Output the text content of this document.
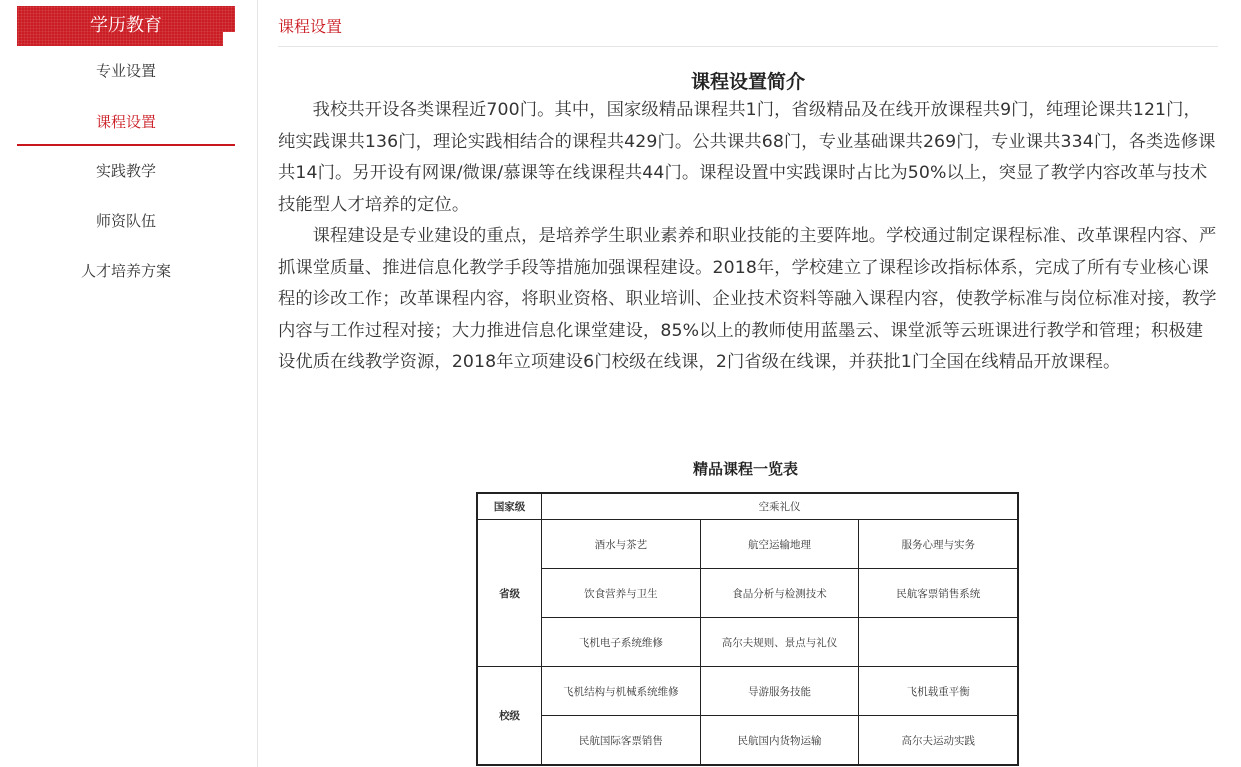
学历教育
专业设置
课程设置
实践教学
师资队伍
人才培养方案
课程设置
课程设置简介

我校共开设各类课程近700门。其中，国家级精品课程共1门，省级精品及在线开放课程共9门，纯理论课共121门，纯实践课共136门，理论实践相结合的课程共429门。公共课共68门，专业基础课共269门，专业课共334门，各类选修课共14门。另开设有网课/微课/慕课等在线课程共44门。课程设置中实践课时占比为50%以上，突显了教学内容改革与技术技能型人才培养的定位。

课程建设是专业建设的重点，是培养学生职业素养和职业技能的主要阵地。学校通过制定课程标准、改革课程内容、严抓课堂质量、推进信息化教学手段等措施加强课程建设。2018年，学校建立了课程诊改指标体系，完成了所有专业核心课程的诊改工作；改革课程内容，将职业资格、职业培训、企业技术资料等融入课程内容，使教学标准与岗位标准对接，教学内容与工作过程对接；大力推进信息化课堂建设，85%以上的教师使用蓝墨云、课堂派等云班课进行教学和管理；积极建设优质在线教学资源，2018年立项建设6门校级在线课，2门省级在线课，并获批1门全国在线精品开放课程。

精品课程一览表
国家级	空乘礼仪		
省级	酒水与茶艺	航空运输地理	服务心理与实务
	饮食营养与卫生	食品分析与检测技术	民航客票销售系统
	飞机电子系统维修	高尔夫规则、景点与礼仪	
校级	飞机结构与机械系统维修	导游服务技能	飞机载重平衡
	民航国际客票销售	民航国内货物运输	高尔夫运动实践
